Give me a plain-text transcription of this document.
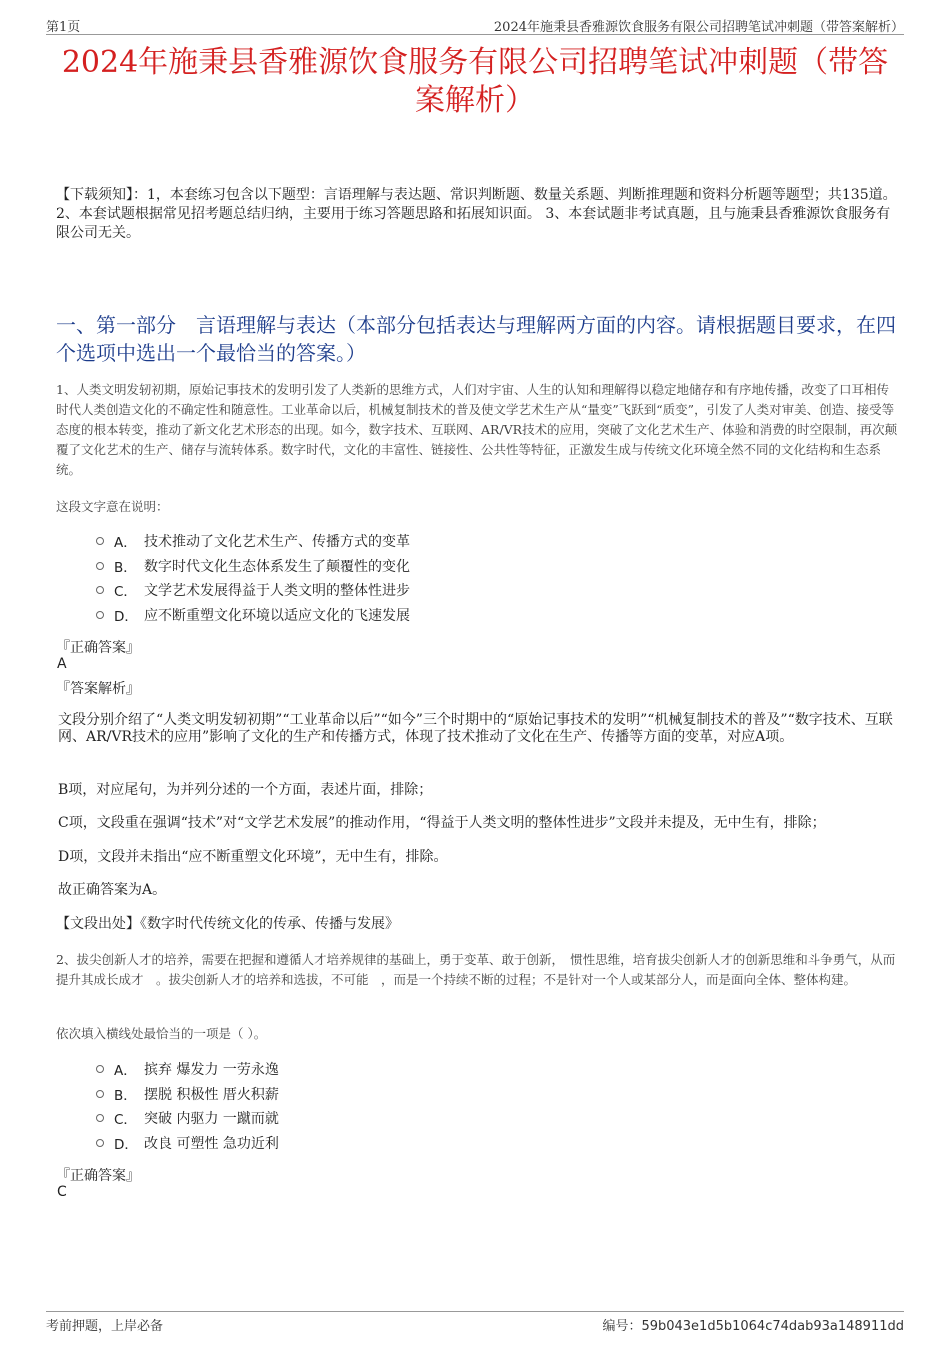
第1页	2024年施秉县香雅源饮食服务有限公司招聘笔试冲刺题（带答案解析）
2024年施秉县香雅源饮食服务有限公司招聘笔试冲刺题（带答案解析）
【下载须知】：1，本套练习包含以下题型：言语理解与表达题、常识判断题、数量关系题、判断推理题和资料分析题等题型；共135道。 2、本套试题根据常见招考题总结归纳，主要用于练习答题思路和拓展知识面。 3、本套试题非考试真题，且与施秉县香雅源饮食服务有限公司无关。
一、第一部分　言语理解与表达（本部分包括表达与理解两方面的内容。请根据题目要求，在四个选项中选出一个最恰当的答案。）
1、人类文明发轫初期，原始记事技术的发明引发了人类新的思维方式，人们对宇宙、人生的认知和理解得以稳定地储存和有序地传播，改变了口耳相传时代人类创造文化的不确定性和随意性。工业革命以后，机械复制技术的普及使文学艺术生产从“量变”飞跃到“质变”，引发了人类对审美、创造、接受等态度的根本转变，推动了新文化艺术形态的出现。如今，数字技术、互联网、AR/VR技术的应用，突破了文化艺术生产、体验和消费的时空限制，再次颠覆了文化艺术的生产、储存与流转体系。数字时代，文化的丰富性、链接性、公共性等特征，正激发生成与传统文化环境全然不同的文化结构和生态系统。
这段文字意在说明：
A． 技术推动了文化艺术生产、传播方式的变革
B． 数字时代文化生态体系发生了颠覆性的变化
C． 文学艺术发展得益于人类文明的整体性进步
D． 应不断重塑文化环境以适应文化的飞速发展
『正确答案』
A
『答案解析』
文段分别介绍了“人类文明发轫初期”“工业革命以后”“如今”三个时期中的“原始记事技术的发明”“机械复制技术的普及”“数字技术、互联网、AR/VR技术的应用”影响了文化的生产和传播方式，体现了技术推动了文化在生产、传播等方面的变革，对应A项。
B项，对应尾句，为并列分述的一个方面，表述片面，排除；
C项，文段重在强调“技术”对“文学艺术发展”的推动作用，“得益于人类文明的整体性进步”文段并未提及，无中生有，排除；
D项，文段并未指出“应不断重塑文化环境”，无中生有，排除。
故正确答案为A。
【文段出处】《数字时代传统文化的传承、传播与发展》
2、拔尖创新人才的培养，需要在把握和遵循人才培养规律的基础上，勇于变革、敢于创新，　惯性思维，培育拔尖创新人才的创新思维和斗争勇气，从而提升其成长成才　。拔尖创新人才的培养和选拔，不可能　，而是一个持续不断的过程；不是针对一个人或某部分人，而是面向全体、整体构建。
依次填入横线处最恰当的一项是（ ）。
A． 摈弃 爆发力 一劳永逸
B． 摆脱 积极性 厝火积薪
C． 突破 内驱力 一蹴而就
D． 改良 可塑性 急功近利
『正确答案』
C
考前押题，上岸必备	编号：59b043e1d5b1064c74dab93a148911dd
